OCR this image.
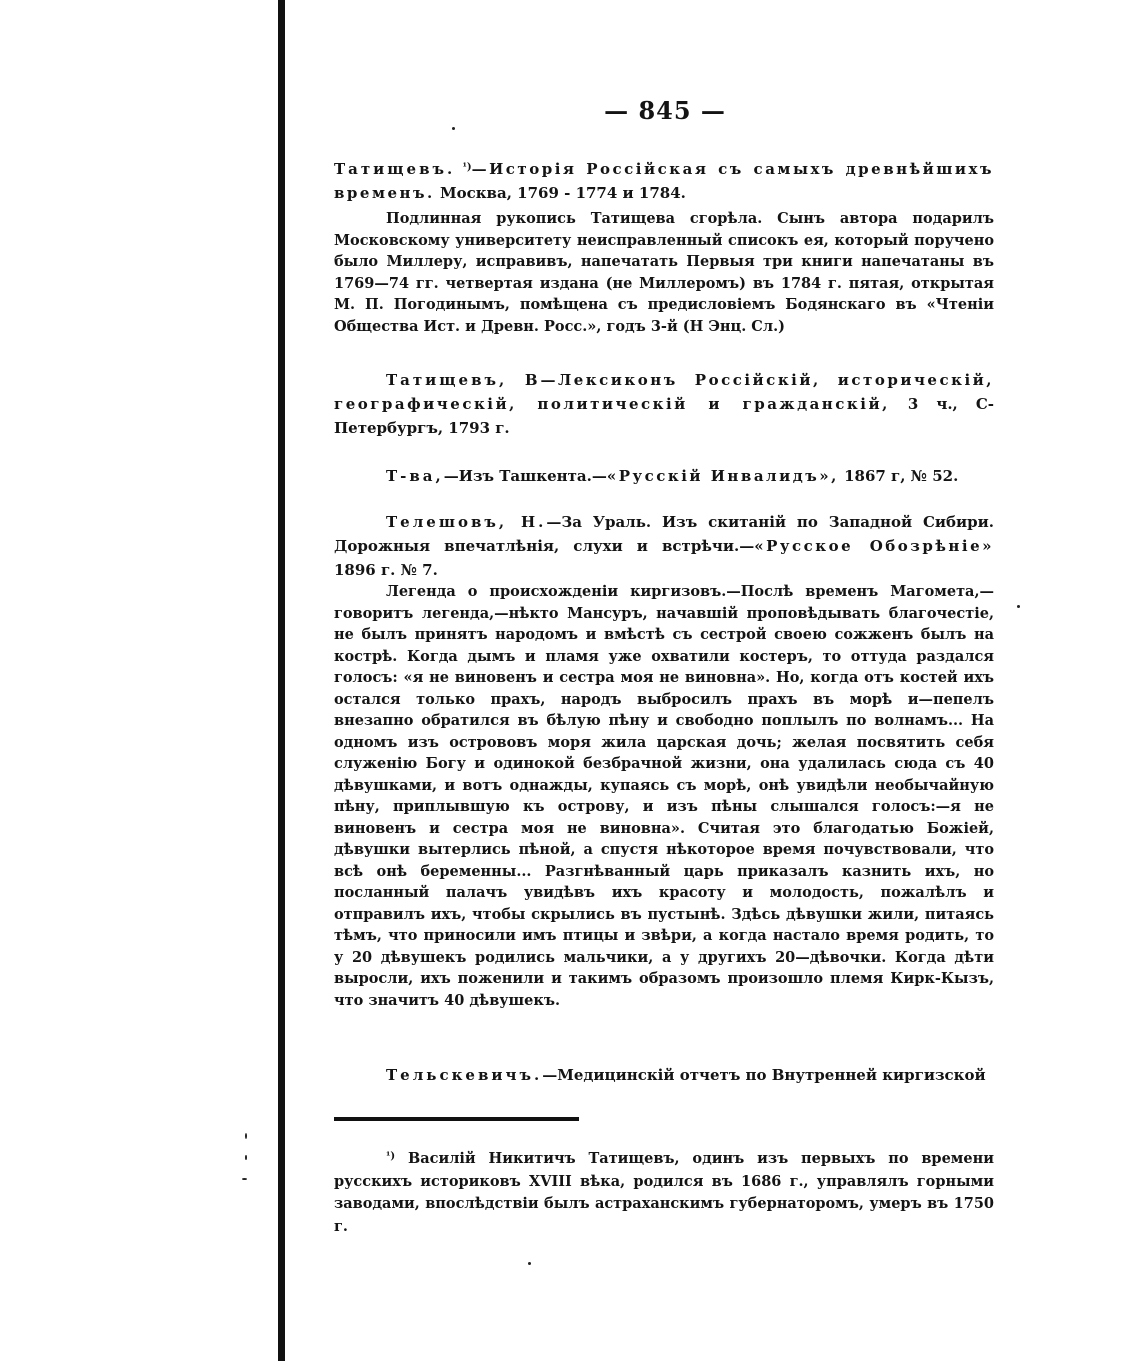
— 845 —

Татищевъ. $^{^1)}$—Исторія Россійская съ самыхъ древнѣйшихъ временъ. Москва, 1769 - 1774 и 1784.

Подлинная рукопись Татищева сгорѣла. Сынъ автора подарилъ Московскому университету неисправленный списокъ ея, который поручено было Миллеру, исправивъ, напечатать Первыя три книги напечатаны въ 1769—74 гг. четвертая издана (не Миллеромъ) въ 1784 г. пятая, открытая М. П. Погодинымъ, помѣщена съ предисловіемъ Бодянскаго въ «Чтеніи Общества Ист. и Древн. Росс.», годъ 3-й (Н Энц. Сл.)

Татищевъ, В—Лексиконъ Россійскій, историческій, географическій, политическій и гражданскій, 3 ч., С-Петербургъ, 1793 г.

Т-ва,—Изъ Ташкента.—«Русскій Инвалидъ», 1867 г, № 52.

Телешовъ, Н.—За Ураль. Изъ скитаній по Западной Сибири. Дорожныя впечатлѣнія, слухи и встрѣчи.—«Русское Обозрѣніе» 1896 г. № 7.

Легенда о происхожденіи киргизовъ.—Послѣ временъ Магомета,—говоритъ легенда,—нѣкто Мансуръ, начавшій проповѣдывать благочестіе, не былъ принятъ народомъ и вмѣстѣ съ сестрой своею сожженъ былъ на кострѣ. Когда дымъ и пламя уже охватили костеръ, то оттуда раздался голосъ: «я не виновенъ и сестра моя не виновна». Но, когда отъ костей ихъ остался только прахъ, народъ выбросилъ прахъ въ морѣ и—пепелъ внезапно обратился въ бѣлую пѣну и свободно поплылъ по волнамъ... На одномъ изъ острововъ моря жила царская дочь; желая посвятить себя служенію Богу и одинокой безбрачной жизни, она удалилась сюда съ 40 дѣвушками, и вотъ однажды, купаясь съ морѣ, онѣ увидѣли необычайную пѣну, приплывшую къ острову, и изъ пѣны слышался голосъ:—я не виновенъ и сестра моя не виновна». Считая это благодатью Божіей, дѣвушки вытерлись пѣной, а спустя нѣкоторое время почувствовали, что всѣ онѣ беременны... Разгнѣванный царь приказалъ казнить ихъ, но посланный палачъ увидѣвъ ихъ красоту и молодость, пожалѣлъ и отправилъ ихъ, чтобы скрылись въ пустынѣ. Здѣсь дѣвушки жили, питаясь тѣмъ, что приносили имъ птицы и звѣри, а когда настало время родить, то у 20 дѣвушекъ родились мальчики, а у другихъ 20—дѣвочки. Когда дѣти выросли, ихъ поженили и такимъ образомъ произошло племя Кирк-Кызъ, что значитъ 40 дѣвушекъ.

Тельскевичъ.—Медицинскій отчетъ по Внутренней киргизской

$^{^1)}$ Василій Никитичъ Татищевъ, одинъ изъ первыхъ по времени русскихъ историковъ XVIII вѣка, родился въ 1686 г., управлялъ горными заводами, впослѣдствіи былъ астраханскимъ губернаторомъ, умеръ въ 1750 г.
